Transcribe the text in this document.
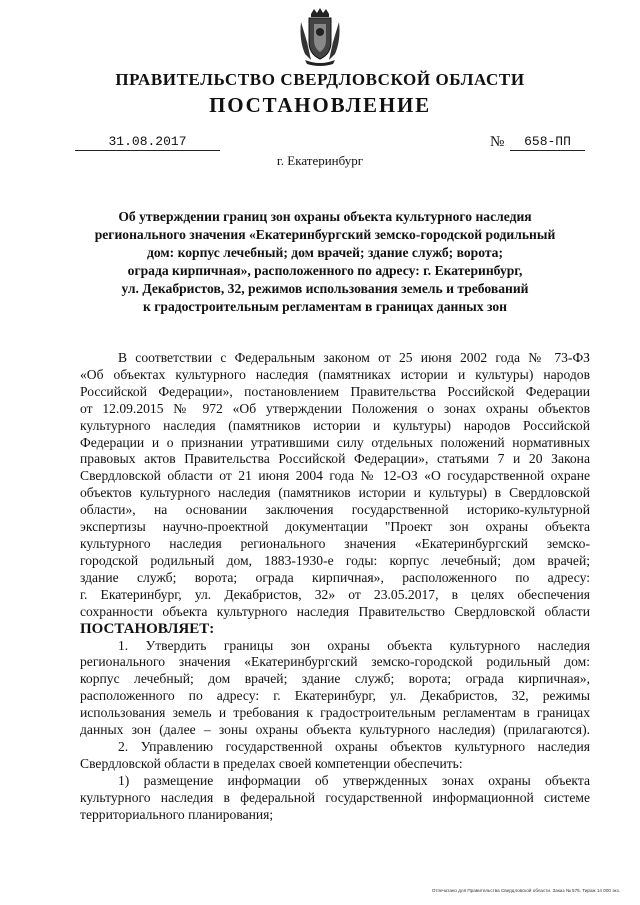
ПРАВИТЕЛЬСТВО СВЕРДЛОВСКОЙ ОБЛАСТИ
ПОСТАНОВЛЕНИЕ
31.08.2017	№	658-ПП
г. Екатеринбург
Об утверждении границ зон охраны объекта культурного наследия
регионального значения «Екатеринбургский земско-городской родильный
дом: корпус лечебный; дом врачей; здание служб; ворота;
ограда кирпичная», расположенного по адресу: г. Екатеринбург,
ул. Декабристов, 32, режимов использования земель и требований
к градостроительным регламентам в границах данных зон
В соответствии с Федеральным законом от 25 июня 2002 года № 73-ФЗ
«Об объектах культурного наследия (памятниках истории и культуры) народов
Российской Федерации», постановлением Правительства Российской Федерации
от 12.09.2015 № 972 «Об утверждении Положения о зонах охраны объектов
культурного наследия (памятников истории и культуры) народов Российской
Федерации и о признании утратившими силу отдельных положений нормативных
правовых актов Правительства Российской Федерации», статьями 7 и 20 Закона
Свердловской области от 21 июня 2004 года № 12-ОЗ «О государственной охране
объектов культурного наследия (памятников истории и культуры) в Свердловской
области», на основании заключения государственной историко-культурной
экспертизы научно-проектной документации "Проект зон охраны объекта
культурного наследия регионального значения «Екатеринбургский земско-
городской родильный дом, 1883-1930-е годы: корпус лечебный; дом врачей;
здание служб; ворота; ограда кирпичная», расположенного по адресу:
г. Екатеринбург, ул. Декабристов, 32» от 23.05.2017, в целях обеспечения
сохранности объекта культурного наследия Правительство Свердловской области
ПОСТАНОВЛЯЕТ:
1. Утвердить границы зон охраны объекта культурного наследия
регионального значения «Екатеринбургский земско-городской родильный дом:
корпус лечебный; дом врачей; здание служб; ворота; ограда кирпичная»,
расположенного по адресу: г. Екатеринбург, ул. Декабристов, 32, режимы
использования земель и требования к градостроительным регламентам в границах
данных зон (далее – зоны охраны объекта культурного наследия) (прилагаются).
2. Управлению государственной охраны объектов культурного наследия
Свердловской области в пределах своей компетенции обеспечить:
1) размещение информации об утвержденных зонах охраны объекта
культурного наследия в федеральной государственной информационной системе
территориального планирования;
Отпечатано для Правительства Свердловской области. Заказ № 575. Тираж 14 000 экз.
